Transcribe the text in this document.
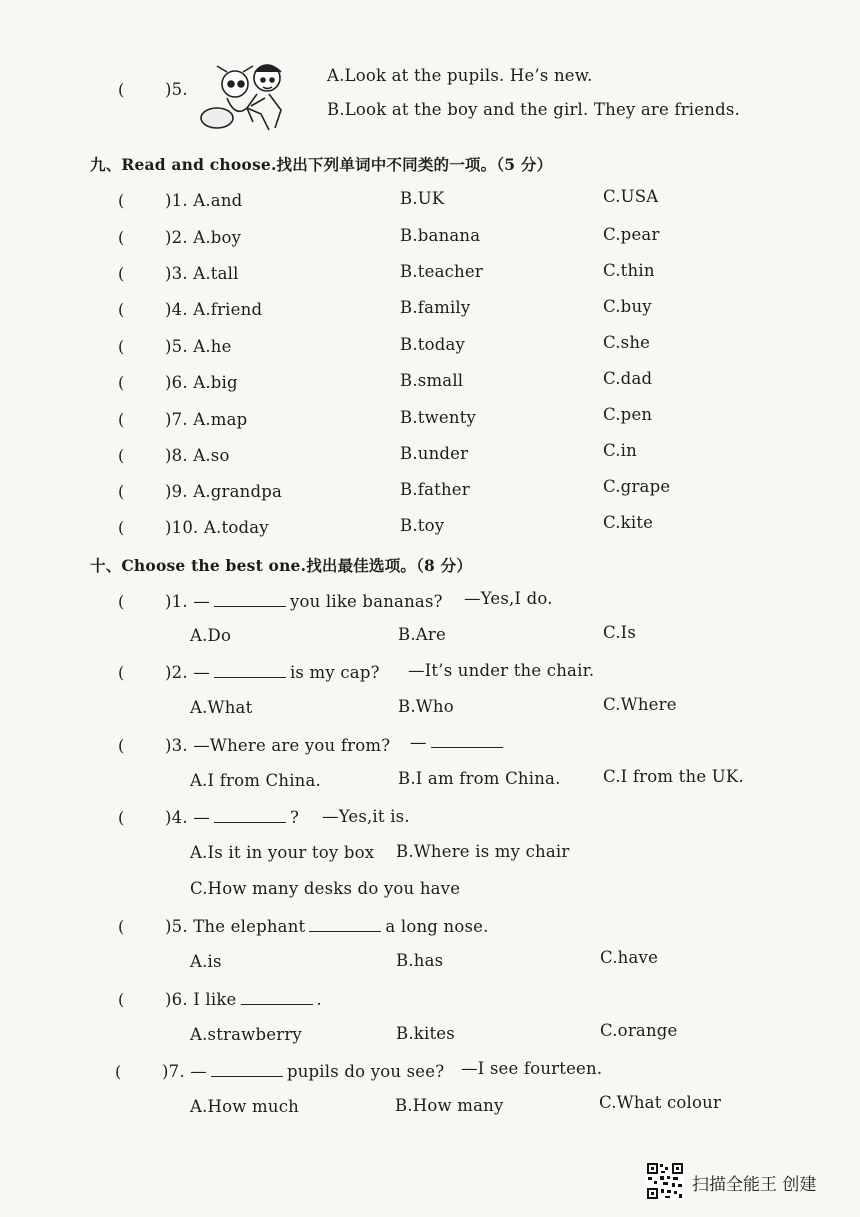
( )5.
A.Look at the pupils. He’s new.
B.Look at the boy and the girl. They are friends.
九、Read and choose.找出下列单词中不同类的一项。（5 分）
( )1. A.and	B.UK	C.USA
( )2. A.boy	B.banana	C.pear
( )3. A.tall	B.teacher	C.thin
( )4. A.friend	B.family	C.buy
( )5. A.he	B.today	C.she
( )6. A.big	B.small	C.dad
( )7. A.map	B.twenty	C.pen
( )8. A.so	B.under	C.in
( )9. A.grandpa	B.father	C.grape
( )10. A.today	B.toy	C.kite
十、Choose the best one.找出最佳选项。（8 分）
( )1. —	you like bananas? —Yes,I do.
A.Do	B.Are	C.Is
( )2. —	is my cap? —It’s under the chair.
A.What	B.Who	C.Where
( )3. —Where are you from? —
A.I from China.	B.I am from China.	C.I from the UK.
( )4. —	? —Yes,it is.
A.Is it in your toy box B.Where is my chair
C.How many desks do you have
( )5. The elephant	a long nose.
A.is	B.has	C.have
( )6. I like	.
A.strawberry	B.kites	C.orange
( )7. —	pupils do you see? —I see fourteen.
A.How much	B.How many	C.What colour
扫描全能王 创建
